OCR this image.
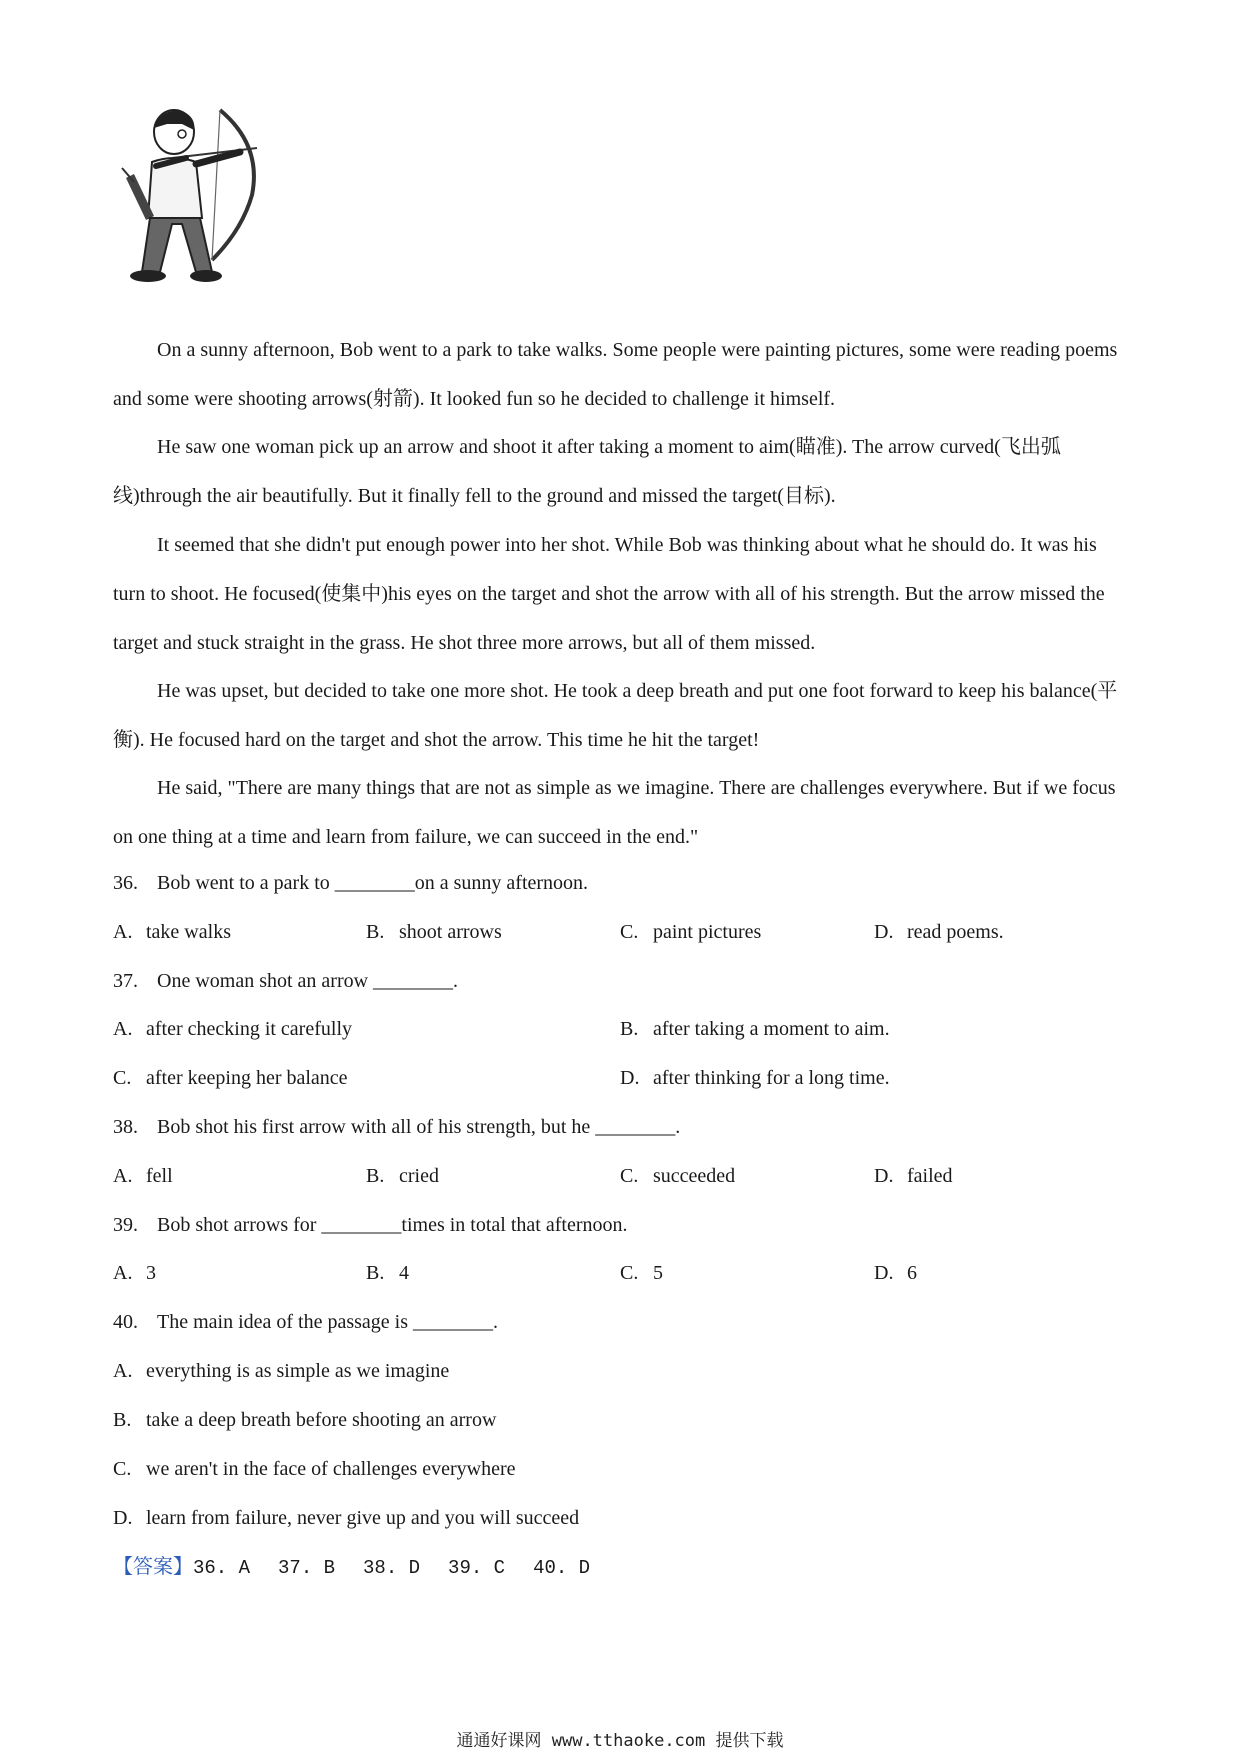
On a sunny afternoon, Bob went to a park to take walks. Some people were painting pictures, some were reading poems and some were shooting arrows(射箭). It looked fun so he decided to challenge it himself.

He saw one woman pick up an arrow and shoot it after taking a moment to aim(瞄准). The arrow curved(飞出弧线)through the air beautifully. But it finally fell to the ground and missed the target(目标).

It seemed that she didn't put enough power into her shot. While Bob was thinking about what he should do. It was his turn to shoot. He focused(使集中)his eyes on the target and shot the arrow with all of his strength. But the arrow missed the target and stuck straight in the grass. He shot three more arrows, but all of them missed.

He was upset, but decided to take one more shot. He took a deep breath and put one foot forward to keep his balance(平衡). He focused hard on the target and shot the arrow. This time he hit the target!

He said, "There are many things that are not as simple as we imagine. There are challenges everywhere. But if we focus on one thing at a time and learn from failure, we can succeed in the end."

36. Bob went to a park to ________on a sunny afternoon.
A. take walks	B. shoot arrows	C. paint pictures	D. read poems.
37. One woman shot an arrow ________.
A. after checking it carefully	B. after taking a moment to aim.
C. after keeping her balance	D. after thinking for a long time.
38. Bob shot his first arrow with all of his strength, but he ________.
A. fell	B. cried	C. succeeded	D. failed
39. Bob shot arrows for ________times in total that afternoon.
A. 3	B. 4	C. 5	D. 6
40. The main idea of the passage is ________.
A. everything is as simple as we imagine
B. take a deep breath before shooting an arrow
C. we aren't in the face of challenges everywhere
D. learn from failure, never give up and you will succeed
【答案】36. A 37. B 38. D 39. C 40. D
通通好课网 www.tthaoke.com 提供下载
